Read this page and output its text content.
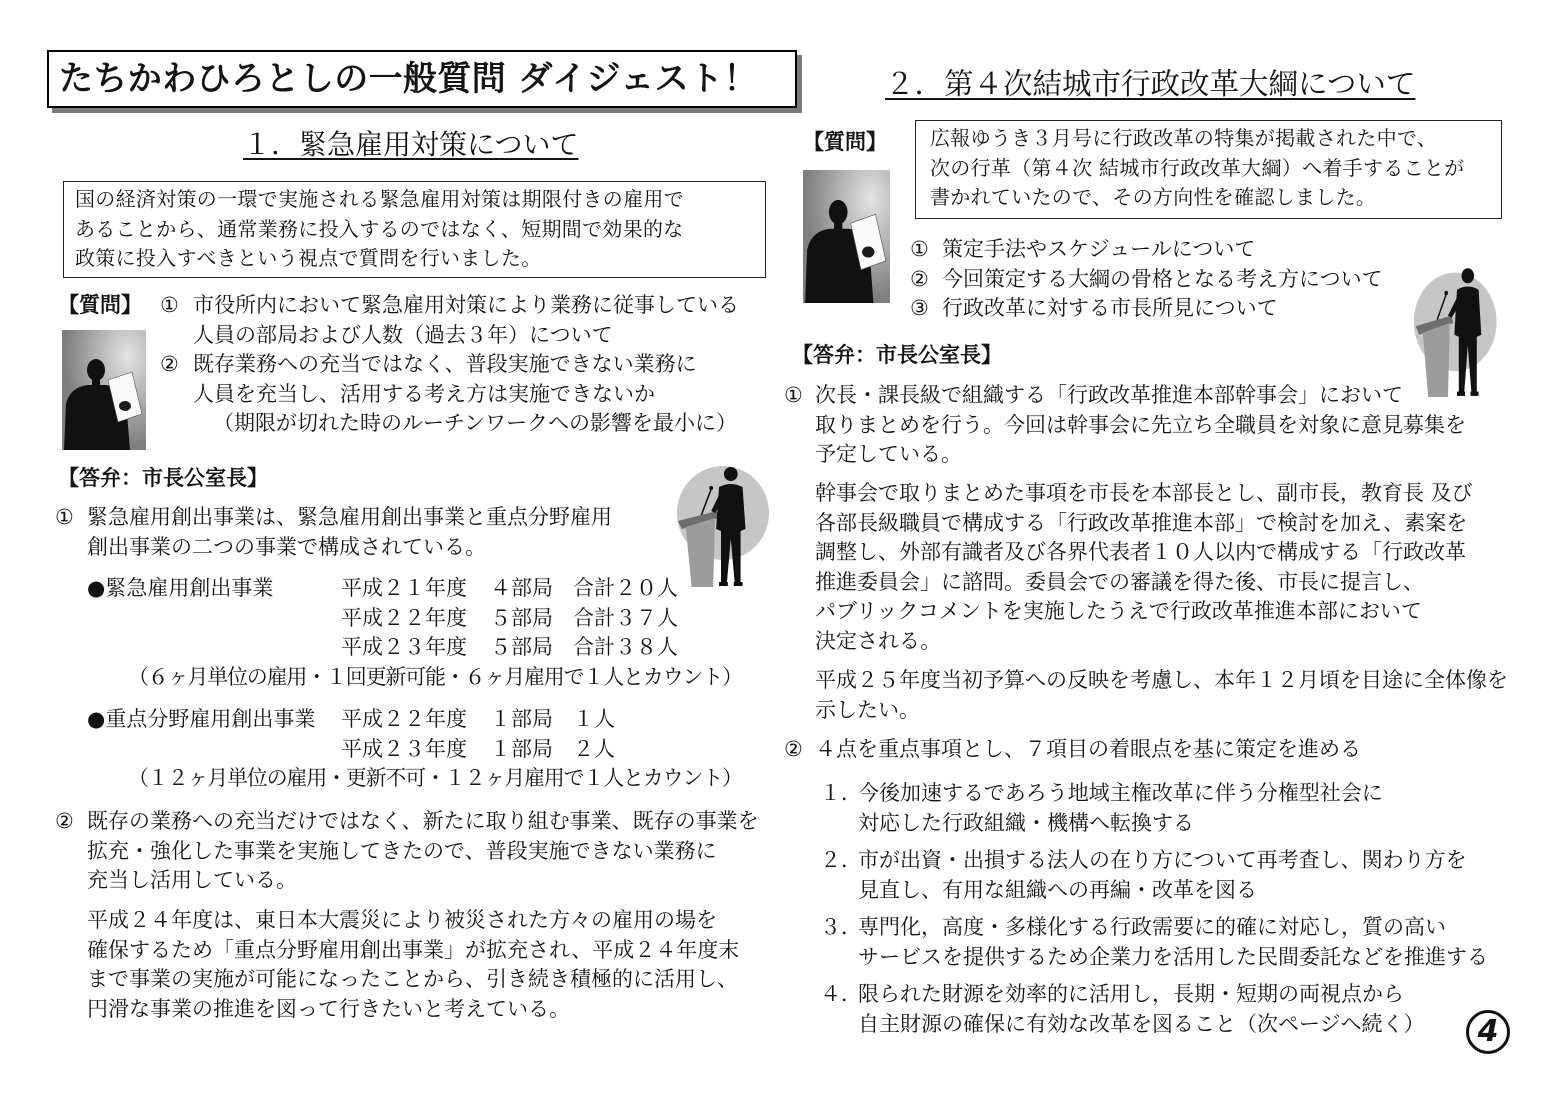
たちかわひろとしの一般質問 ダイジェスト！
１．緊急雇用対策について
国の経済対策の一環で実施される緊急雇用対策は期限付きの雇用で
あることから、通常業務に投入するのではなく、短期間で効果的な
政策に投入すべきという視点で質問を行いました。
【質問】 ① 市役所内において緊急雇用対策により業務に従事している
人員の部局および人数（過去３年）について
② 既存業務への充当ではなく、普段実施できない業務に
人員を充当し、活用する考え方は実施できないか
（期限が切れた時のルーチンワークへの影響を最小に）
【答弁：市長公室長】
① 緊急雇用創出事業は、緊急雇用創出事業と重点分野雇用
創出事業の二つの事業で構成されている。
●緊急雇用創出事業	平成２１年度 ４部局 合計２０人
平成２２年度 ５部局 合計３７人
平成２３年度 ５部局 合計３８人
（６ヶ月単位の雇用・１回更新可能・６ヶ月雇用で１人とカウント）
●重点分野雇用創出事業 平成２２年度 １部局 １人
平成２３年度 １部局 ２人
（１２ヶ月単位の雇用・更新不可・１２ヶ月雇用で１人とカウント）
② 既存の業務への充当だけではなく、新たに取り組む事業、既存の事業を
拡充・強化した事業を実施してきたので、普段実施できない業務に
充当し活用している。
平成２４年度は、東日本大震災により被災された方々の雇用の場を
確保するため「重点分野雇用創出事業」が拡充され、平成２４年度末
まで事業の実施が可能になったことから、引き続き積極的に活用し、
円滑な事業の推進を図って行きたいと考えている。
２．第４次結城市行政改革大綱について
【質問】 広報ゆうき３月号に行政改革の特集が掲載された中で、
次の行革（第４次 結城市行政改革大綱）へ着手することが
書かれていたので、その方向性を確認しました。
① 策定手法やスケジュールについて
② 今回策定する大綱の骨格となる考え方について
③ 行政改革に対する市長所見について
【答弁：市長公室長】
① 次長・課長級で組織する「行政改革推進本部幹事会」において
取りまとめを行う。今回は幹事会に先立ち全職員を対象に意見募集を
予定している。
幹事会で取りまとめた事項を市長を本部長とし、副市長，教育長 及び
各部長級職員で構成する「行政改革推進本部」で検討を加え、素案を
調整し、外部有識者及び各界代表者１０人以内で構成する「行政改革
推進委員会」に諮問。委員会での審議を得た後、市長に提言し、
パブリックコメントを実施したうえで行政改革推進本部において
決定される。
平成２５年度当初予算への反映を考慮し、本年１２月頃を目途に全体像を
示したい。
② ４点を重点事項とし、７項目の着眼点を基に策定を進める
１．
今後加速するであろう地域主権改革に伴う分権型社会に
対応した行政組織・機構へ転換する
２．
市が出資・出損する法人の在り方について再考査し、関わり方を
見直し、有用な組織への再編・改革を図る
３．
専門化，高度・多様化する行政需要に的確に対応し，質の高い
サービスを提供するため企業力を活用した民間委託などを推進する
４．
限られた財源を効率的に活用し，長期・短期の両視点から
自主財源の確保に有効な改革を図ること（次ページへ続く）	4
